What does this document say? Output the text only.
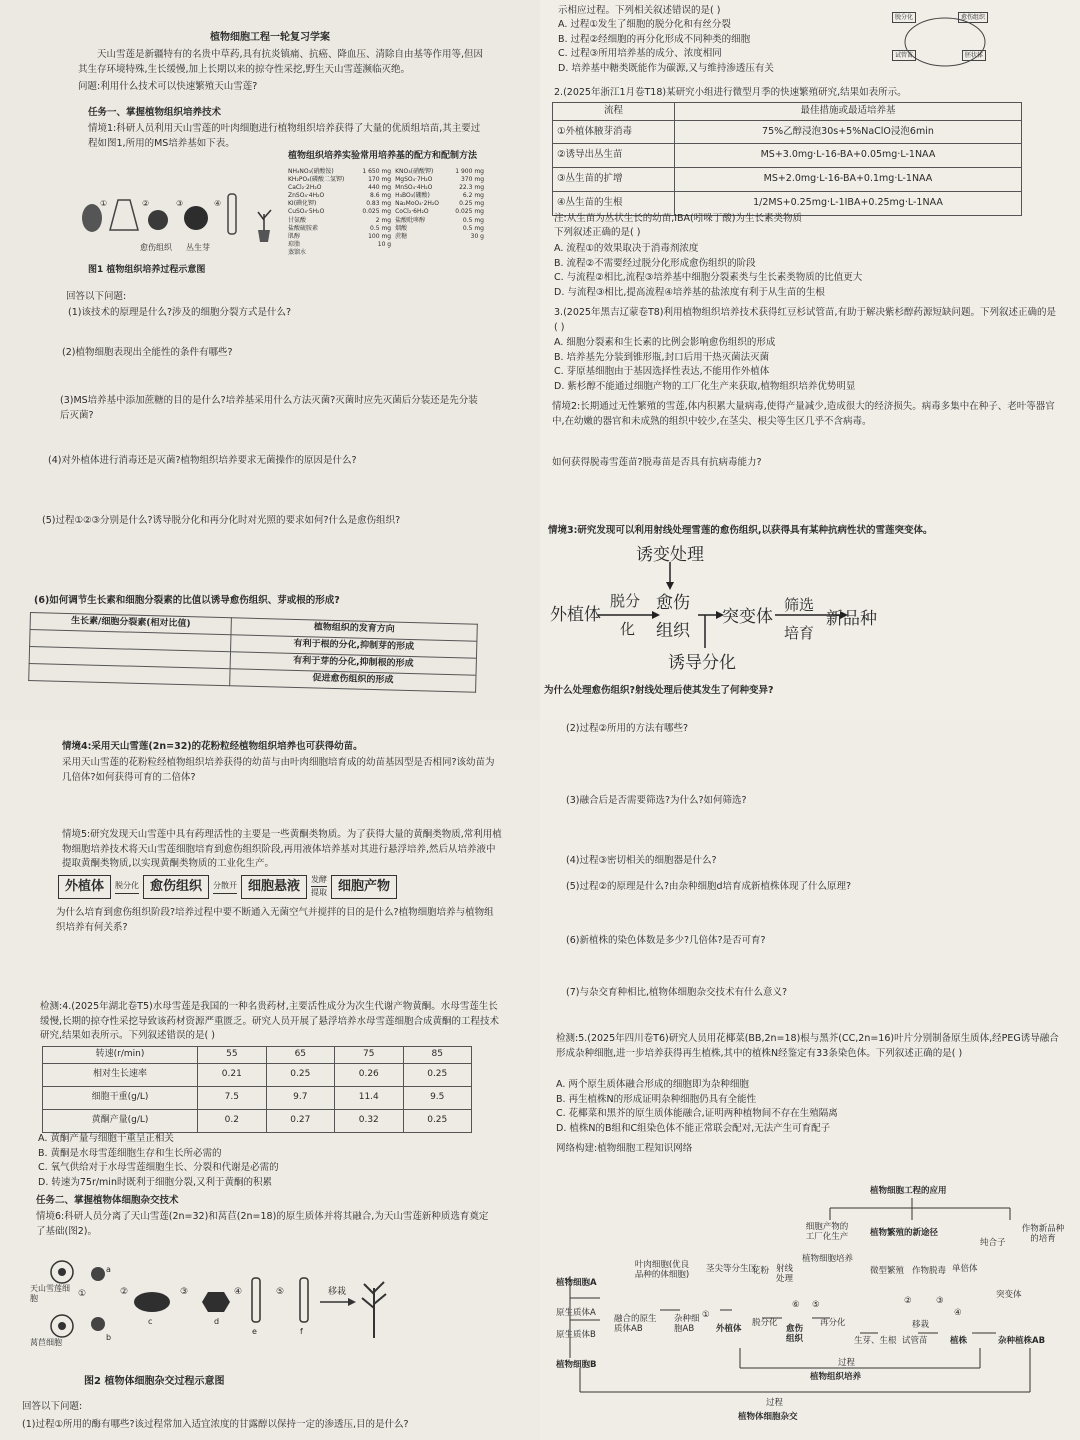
植物细胞工程一轮复习学案
天山雪莲是新疆特有的名贵中草药,具有抗炎镇痛、抗癌、降血压、清除自由基等作用等,但因其生存环境特殊,生长缓慢,加上长期以来的掠夺性采挖,野生天山雪莲濒临灭绝。
问题:利用什么技术可以快速繁殖天山雪莲?
任务一、掌握植物组织培养技术
情境1:科研人员利用天山雪莲的叶肉细胞进行植物组织培养获得了大量的优质组培苗,其主要过程如图1,所用的MS培养基如下表。
①	②	③	④
愈伤组织 丛生芽
图1 植物组织培养过程示意图
植物组织培养实验常用培养基的配方和配制方法
NH₄NO₃(硝酸铵)	1 650 mg	KNO₃(硝酸钾)	1 900 mg
KH₂PO₄(磷酸二氢钾)	170 mg	MgSO₄·7H₂O	370 mg
CaCl₂·2H₂O	440 mg	MnSO₄·4H₂O	22.3 mg
ZnSO₄·4H₂O	8.6 mg	H₃BO₃(硼酸)	6.2 mg
KI(碘化钾)	0.83 mg	Na₂MoO₄·2H₂O	0.25 mg
CuSO₄·5H₂O	0.025 mg	CoCl₂·6H₂O	0.025 mg
甘氨酸	2 mg	盐酸吡哆醇	0.5 mg
盐酸硫胺素	0.5 mg	烟酸	0.5 mg
肌醇	100 mg	蔗糖	30 g
琼脂	10 g		
蒸馏水			
回答以下问题:
(1)该技术的原理是什么?涉及的细胞分裂方式是什么?
(2)植物细胞表现出全能性的条件有哪些?
(3)MS培养基中添加蔗糖的目的是什么?培养基采用什么方法灭菌?灭菌时应先灭菌后分装还是先分装后灭菌?
(4)对外植体进行消毒还是灭菌?植物组织培养要求无菌操作的原因是什么?
(5)过程①②③分别是什么?诱导脱分化和再分化时对光照的要求如何?什么是愈伤组织?
(6)如何调节生长素和细胞分裂素的比值以诱导愈伤组织、芽或根的形成?
生长素/细胞分裂素(相对比值)	植物组织的发育方向
	有利于根的分化,抑制芽的形成
	有利于芽的分化,抑制根的形成
	促进愈伤组织的形成
示相应过程。下列相关叙述错误的是( )
脱分化	愈伤组织
试管苗	胚状体
A. 过程①发生了细胞的脱分化和有丝分裂
B. 过程②经细胞的再分化形成不同种类的细胞
C. 过程③所用培养基的成分、浓度相同
D. 培养基中糖类既能作为碳源,又与维持渗透压有关
2.(2025年浙江1月卷T18)某研究小组进行微型月季的快速繁殖研究,结果如表所示。
流程	最佳措施或最适培养基
①外植体腋芽消毒	75%乙醇浸泡30s+5%NaClO浸泡6min
②诱导出丛生苗	MS+3.0mg·L-16-BA+0.05mg·L-1NAA
③丛生苗的扩增	MS+2.0mg·L-16-BA+0.1mg·L-1NAA
④丛生苗的生根	1/2MS+0.25mg·L-1IBA+0.25mg·L-1NAA
注:从生苗为丛状生长的幼苗,IBA(吲哚丁酸)为生长素类物质
下列叙述正确的是( )
A. 流程①的效果取决于消毒剂浓度
B. 流程②不需要经过脱分化形成愈伤组织的阶段
C. 与流程②相比,流程③培养基中细胞分裂素类与生长素类物质的比值更大
D. 与流程③相比,提高流程④培养基的盐浓度有利于从生苗的生根
3.(2025年黑吉辽蒙卷T8)利用植物组织培养技术获得红豆杉试管苗,有助于解决紫杉醇药源短缺问题。下列叙述正确的是( )
A. 细胞分裂素和生长素的比例会影响愈伤组织的形成
B. 培养基先分装到锥形瓶,封口后用干热灭菌法灭菌
C. 芽原基细胞由于基因选择性表达,不能用作外植体
D. 紫杉醇不能通过细胞产物的工厂化生产来获取,植物组织培养优势明显
情境2:长期通过无性繁殖的雪莲,体内积累大量病毒,使得产量减少,造成很大的经济损失。病毒多集中在种子、老叶等器官中,在幼嫩的器官和未成熟的组织中较少,在茎尖、根尖等生区几乎不含病毒。
如何获得脱毒雪莲苗?脱毒苗是否具有抗病毒能力?
情境3:研究发现可以利用射线处理雪莲的愈伤组织,以获得具有某种抗病性状的雪莲突变体。
诱变处理
外植体
脱分
化
愈伤
组织
突变体
筛选
培育
新品种
诱导分化
为什么处理愈伤组织?射线处理后使其发生了何种变异?
情境4:采用天山雪莲(2n=32)的花粉粒经植物组织培养也可获得幼苗。
采用天山雪莲的花粉粒经植物组织培养获得的幼苗与由叶肉细胞培育成的幼苗基因型是否相同?该幼苗为几倍体?如何获得可育的二倍体?
情境5:研究发现天山雪莲中具有药理活性的主要是一些黄酮类物质。为了获得大量的黄酮类物质,常利用植物细胞培养技术将天山雪莲细胞培育到愈伤组织阶段,再用液体培养基对其进行悬浮培养,然后从培养液中提取黄酮类物质,以实现黄酮类物质的工业化生产。
外植体	脱分化 愈伤组织	分散开 细胞悬液	发酵
提取 细胞产物
为什么培育到愈伤组织阶段?培养过程中要不断通入无菌空气并搅拌的目的是什么?植物细胞培养与植物组织培养有何关系?
检测:4.(2025年湖北卷T5)水母雪莲是我国的一种名贵药材,主要活性成分为次生代谢产物黄酮。水母雪莲生长缓慢,长期的掠夺性采挖导致该药材资源严重匮乏。研究人员开展了悬浮培养水母雪莲细胞合成黄酮的工程技术研究,结果如表所示。下列叙述错误的是( )
转速(r/min)	55	65	75	85
相对生长速率	0.21	0.25	0.26	0.25
细胞干重(g/L)	7.5	9.7	11.4	9.5
黄酮产量(g/L)	0.2	0.27	0.32	0.25
A. 黄酮产量与细胞干重呈正相关
B. 黄酮是水母雪莲细胞生存和生长所必需的
C. 氧气供给对于水母雪莲细胞生长、分裂和代谢是必需的
D. 转速为75r/min时既利于细胞分裂,又利于黄酮的积累
任务二、掌握植物体细胞杂交技术
情境6:科研人员分离了天山雪莲(2n=32)和莴苣(2n=18)的原生质体并将其融合,为天山雪莲新种质选育奠定了基础(图2)。
天山雪莲细胞
莴苣细胞
①	②	③	④	⑤	移栽
a
b
c	d
e	f
图2 植物体细胞杂交过程示意图
回答以下问题:
(1)过程①所用的酶有哪些?该过程常加入适宜浓度的甘露醇以保持一定的渗透压,目的是什么?
(2)过程②所用的方法有哪些?
(3)融合后是否需要筛选?为什么?如何筛选?
(4)过程③密切相关的细胞器是什么?
(5)过程②的原理是什么?由杂种细胞d培育成新植株体现了什么原理?
(6)新植株的染色体数是多少?几倍体?是否可育?
(7)与杂交育种相比,植物体细胞杂交技术有什么意义?
检测:5.(2025年四川卷T6)研究人员用花椰菜(BB,2n=18)根与黑芥(CC,2n=16)叶片分别制备原生质体,经PEG诱导融合形成杂种细胞,进一步培养获得再生植株,其中的植株N经鉴定有33条染色体。下列叙述正确的是( )
A. 两个原生质体融合形成的细胞即为杂种细胞
B. 再生植株N的形成证明杂种细胞仍具有全能性
C. 花椰菜和黑芥的原生质体能融合,证明两种植物间不存在生殖隔离
D. 植株N的B组和C组染色体不能正常联会配对,无法产生可育配子
网络构建:植物细胞工程知识网络
植物细胞工程的应用
细胞产物的工厂化生产	植物繁殖的新途径	作物新品种的培育
微型繁殖 作物脱毒 单倍体
纯合子
突变体
叶肉细胞(优良品种的体细胞)
茎尖等分生区
花粉 射线处理
植物细胞培养
植物细胞A
原生质体A
原生质体B
植物细胞B
融合的原生质体AB
杂种细胞AB	外植体
脱分化
愈伤组织
再分化
生芽、生根 试管苗
移栽
植株	杂种植株AB
过程
植物组织培养
过程
植物体细胞杂交
①
②	③
④
⑤
⑥
